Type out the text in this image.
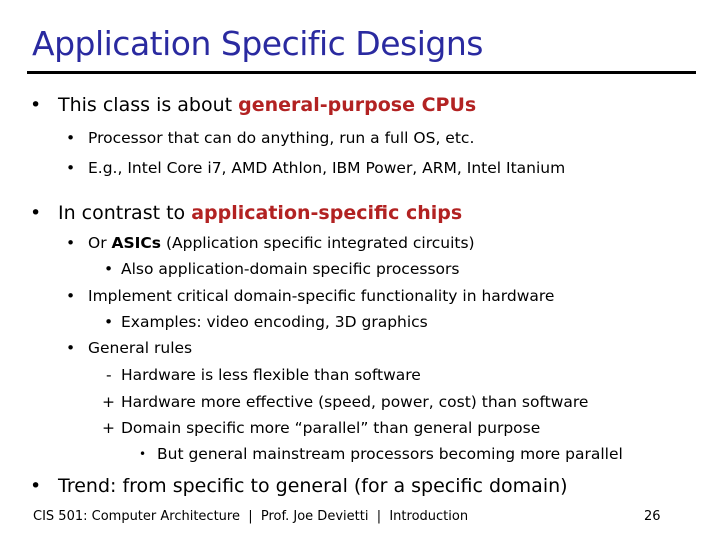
Application Specific Designs
• This class is about general-purpose CPUs
• Processor that can do anything, run a full OS, etc.
• E.g., Intel Core i7, AMD Athlon, IBM Power, ARM, Intel Itanium
• In contrast to application-specific chips
• Or ASICs (Application specific integrated circuits)
• Also application-domain specific processors
• Implement critical domain-specific functionality in hardware
• Examples: video encoding, 3D graphics
• General rules
- Hardware is less flexible than software
+ Hardware more effective (speed, power, cost) than software
+ Domain specific more “parallel” than general purpose
• But general mainstream processors becoming more parallel
• Trend: from specific to general (for a specific domain)
CIS 501: Computer Architecture  |  Prof. Joe Devietti  |  Introduction	26
